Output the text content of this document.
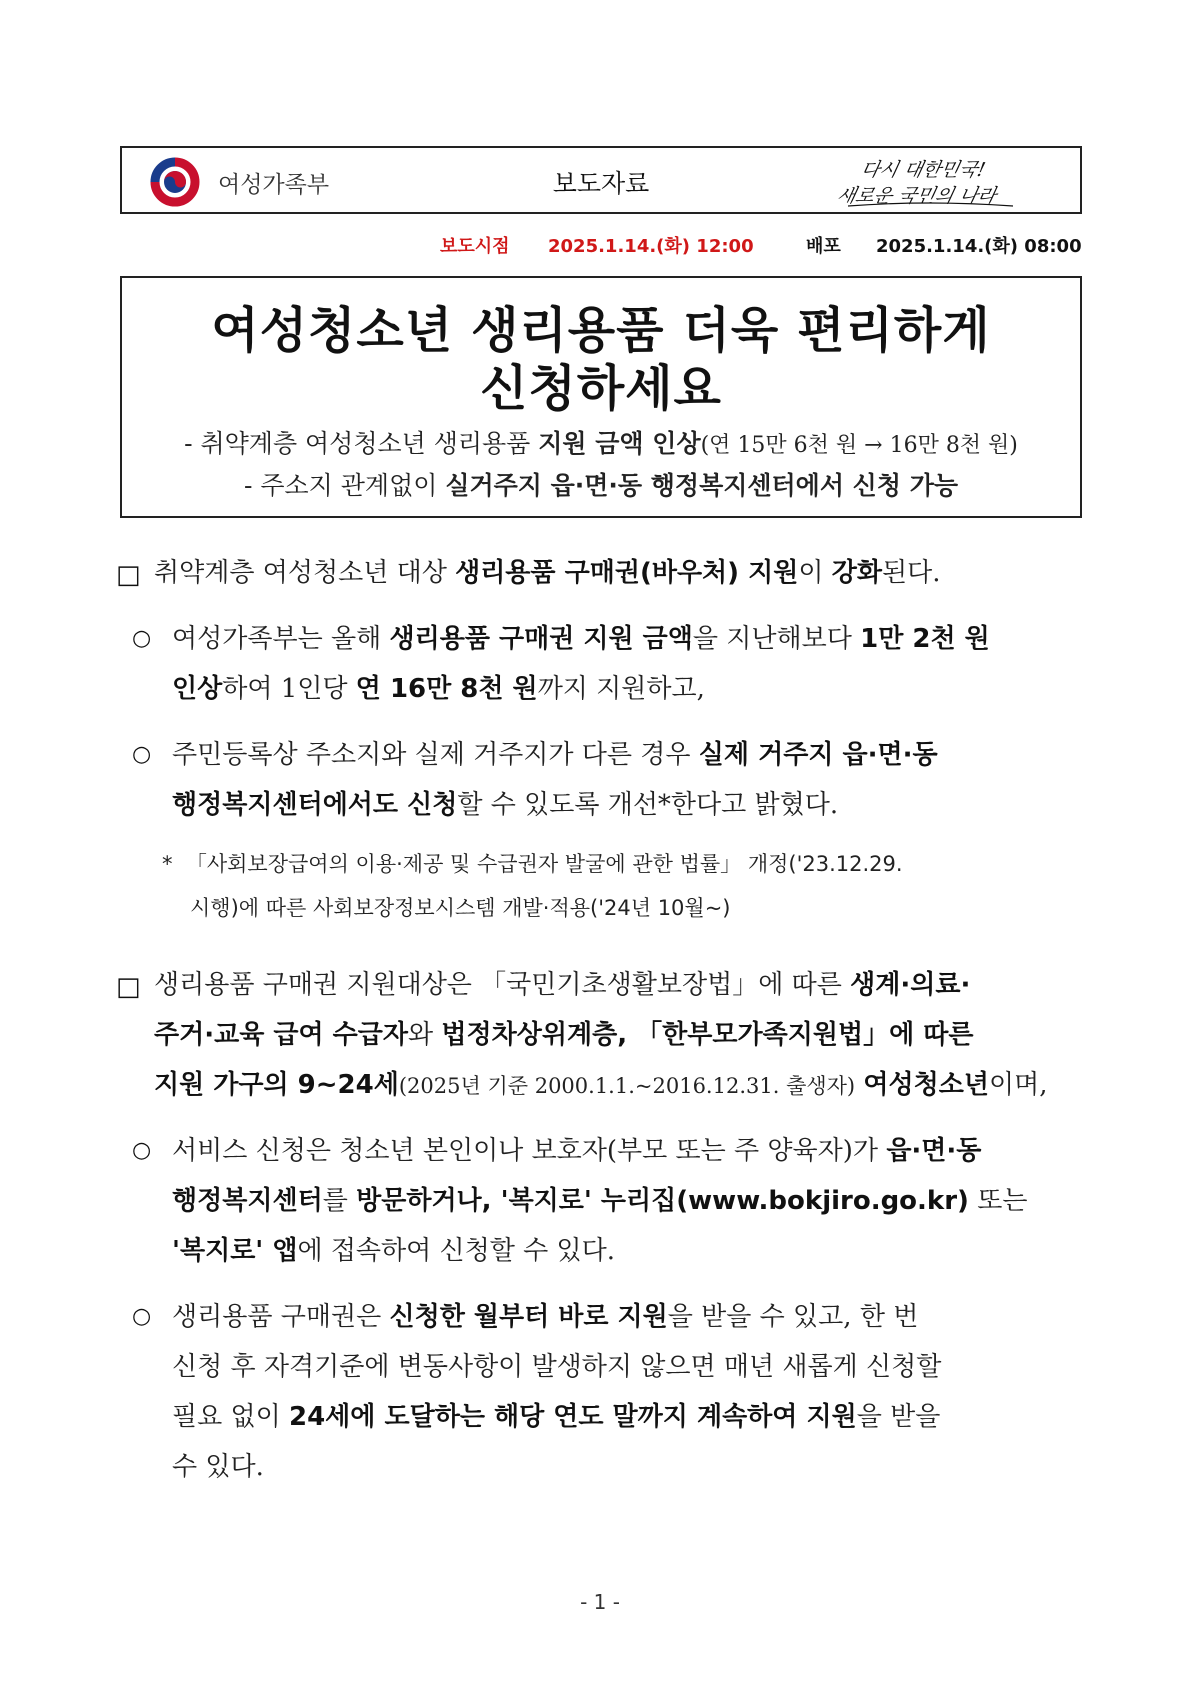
여성가족부	보도자료	다시 대한민국!
새로운 국민의 나라
보도시점 2025.1.14.(화) 12:00	배포 2025.1.14.(화) 08:00
여성청소년 생리용품 더욱 편리하게
신청하세요
- 취약계층 여성청소년 생리용품 지원 금액 인상(연 15만 6천 원 → 16만 8천 원)
- 주소지 관계없이 실거주지 읍·면·동 행정복지센터에서 신청 가능
□ 취약계층 여성청소년 대상 생리용품 구매권(바우처) 지원이 강화된다.
○ 여성가족부는 올해 생리용품 구매권 지원 금액을 지난해보다 1만 2천 원
인상하여 1인당 연 16만 8천 원까지 지원하고,
○ 주민등록상 주소지와 실제 거주지가 다른 경우 실제 거주지 읍·면·동
행정복지센터에서도 신청할 수 있도록 개선*한다고 밝혔다.
* 「사회보장급여의 이용·제공 및 수급권자 발굴에 관한 법률」 개정('23.12.29.
시행)에 따른 사회보장정보시스템 개발·적용('24년 10월~)
□ 생리용품 구매권 지원대상은 「국민기초생활보장법」에 따른 생계·의료·
주거·교육 급여 수급자와 법정차상위계층, 「한부모가족지원법」에 따른
지원 가구의 9~24세(2025년 기준 2000.1.1.~2016.12.31. 출생자) 여성청소년이며,
○ 서비스 신청은 청소년 본인이나 보호자(부모 또는 주 양육자)가 읍·면·동
행정복지센터를 방문하거나, '복지로' 누리집(www.bokjiro.go.kr) 또는
'복지로' 앱에 접속하여 신청할 수 있다.
○ 생리용품 구매권은 신청한 월부터 바로 지원을 받을 수 있고, 한 번
신청 후 자격기준에 변동사항이 발생하지 않으면 매년 새롭게 신청할
필요 없이 24세에 도달하는 해당 연도 말까지 계속하여 지원을 받을
수 있다.
- 1 -
